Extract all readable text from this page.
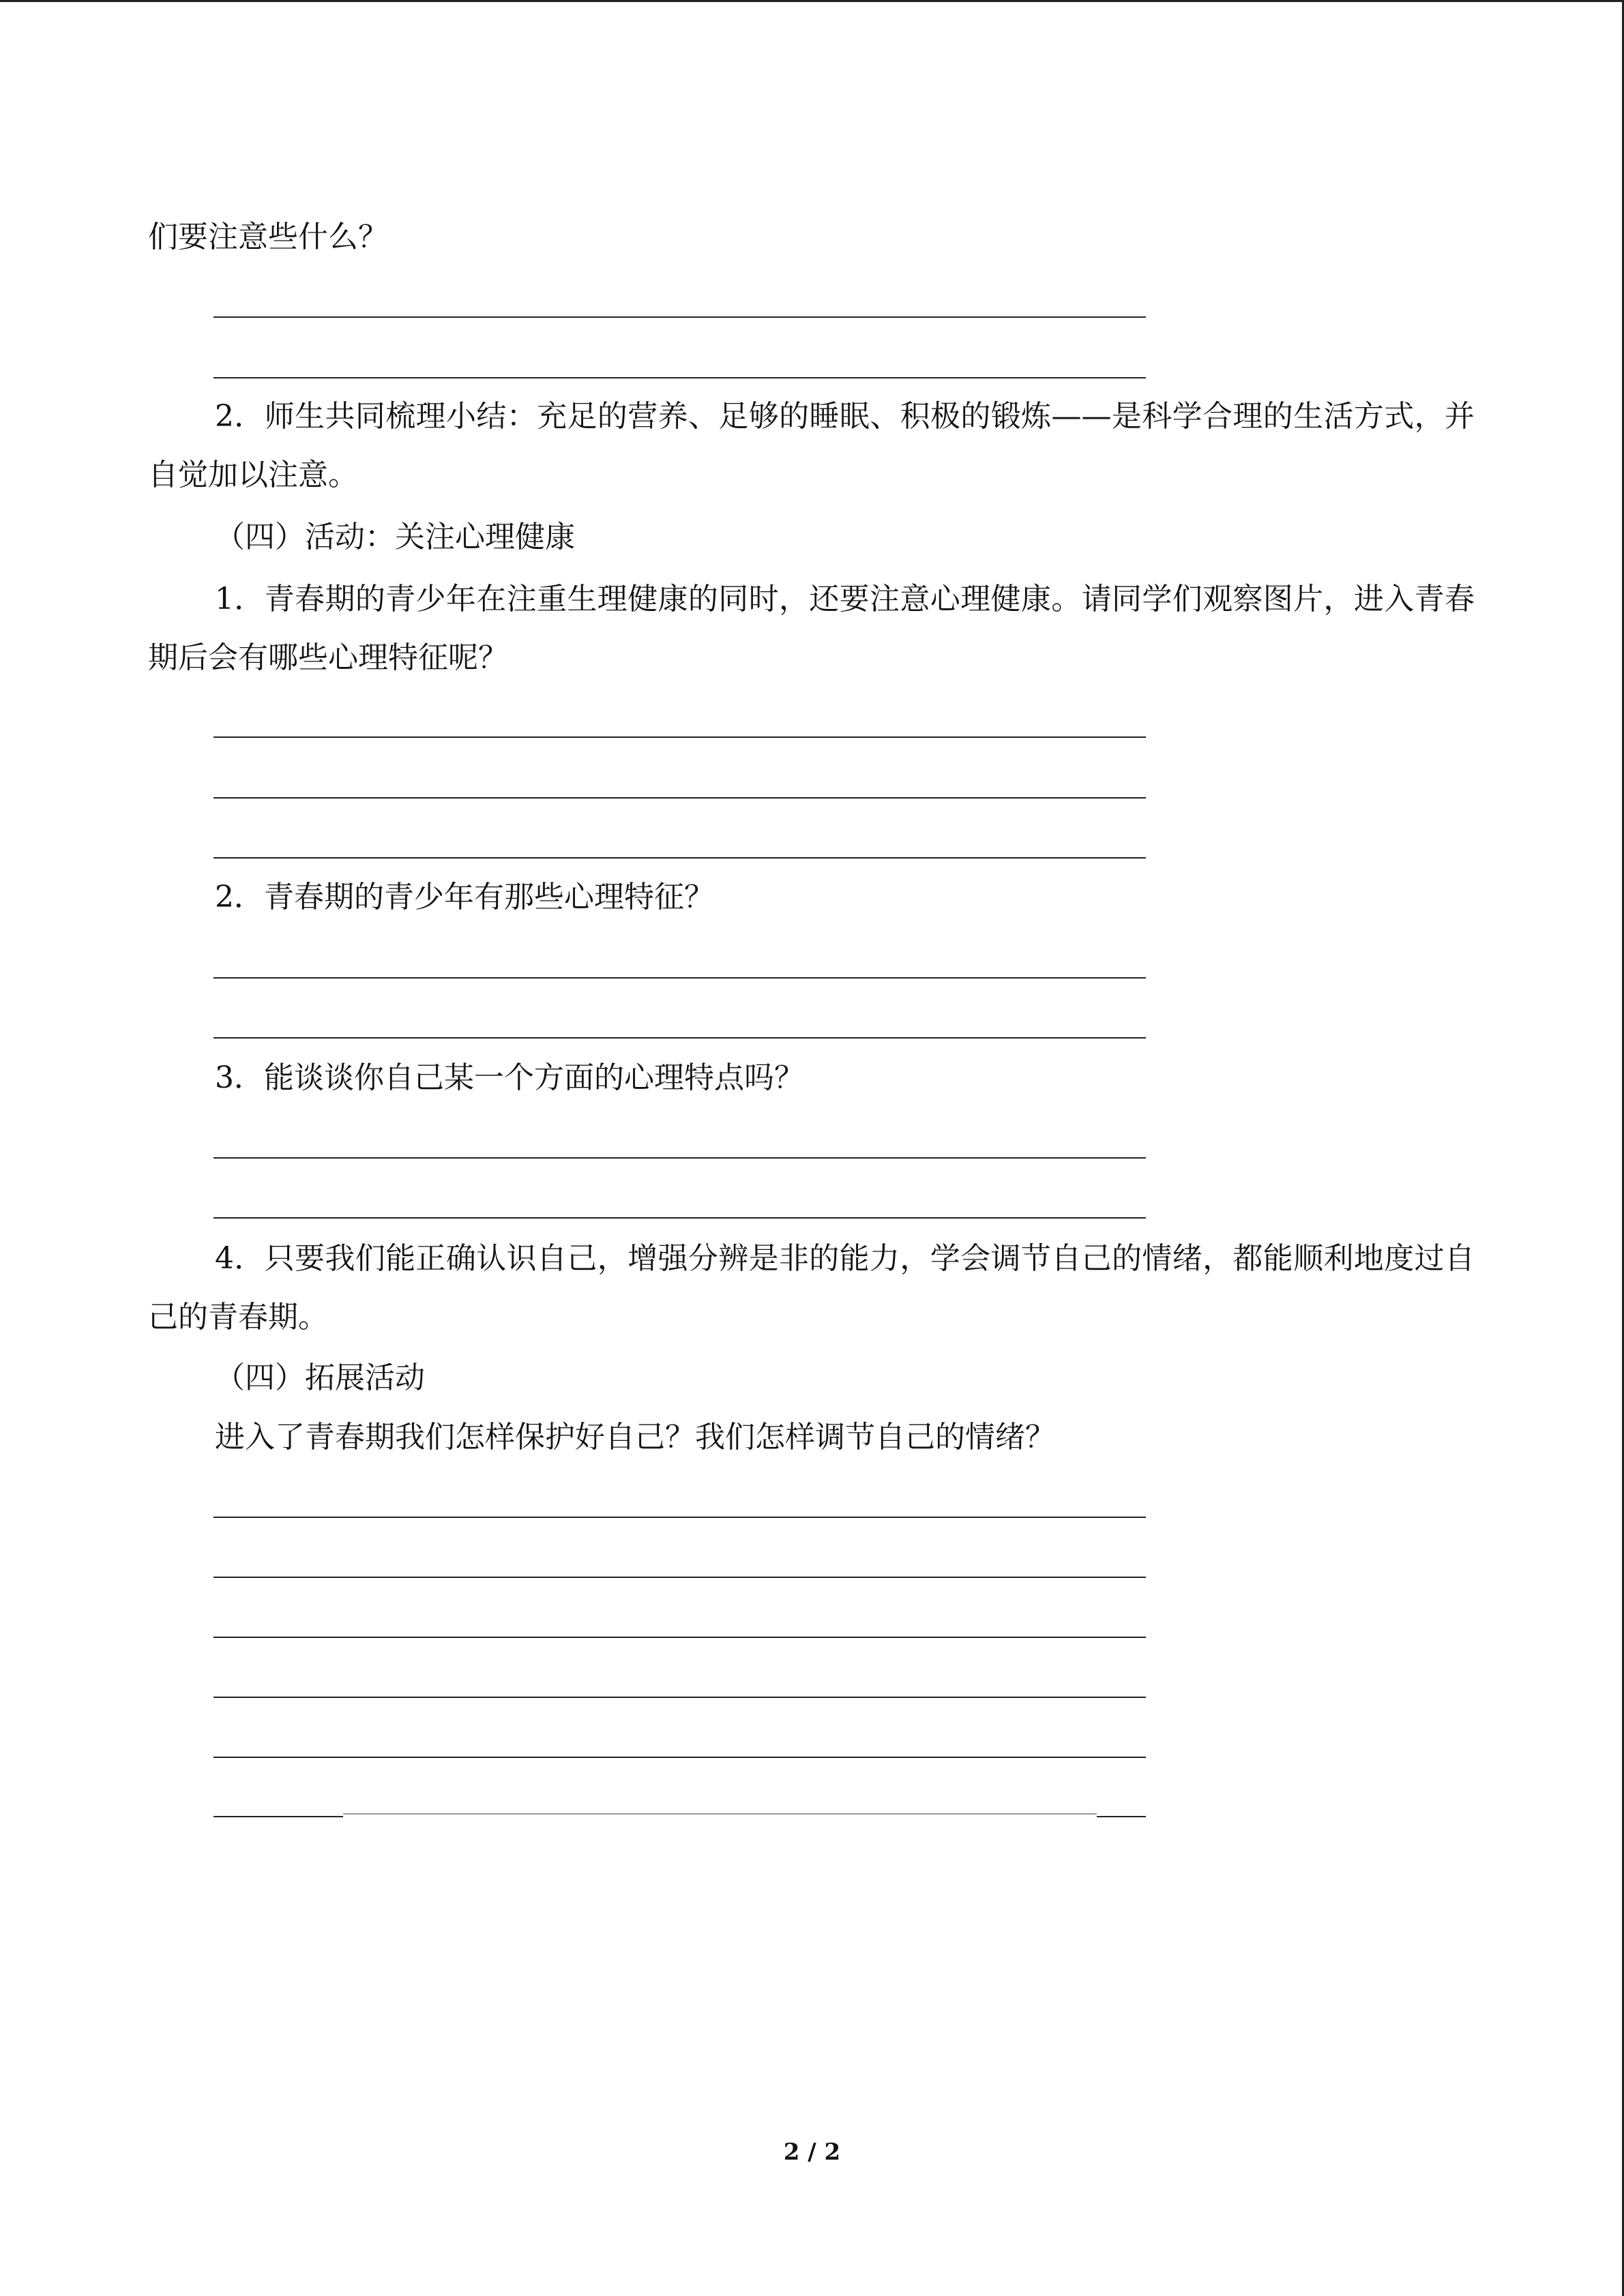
们要注意些什么？
2．师生共同梳理小结：充足的营养、足够的睡眠、积极的锻炼——是科学合理的生活方式，并自觉加以注意。
（四）活动：关注心理健康
1．青春期的青少年在注重生理健康的同时，还要注意心理健康。请同学们观察图片，进入青春期后会有哪些心理特征呢？
2．青春期的青少年有那些心理特征？
3．能谈谈你自己某一个方面的心理特点吗？
4．只要我们能正确认识自己，增强分辨是非的能力，学会调节自己的情绪，都能顺利地度过自己的青春期。
（四）拓展活动
进入了青春期我们怎样保护好自己？我们怎样调节自己的情绪？
2 / 2
